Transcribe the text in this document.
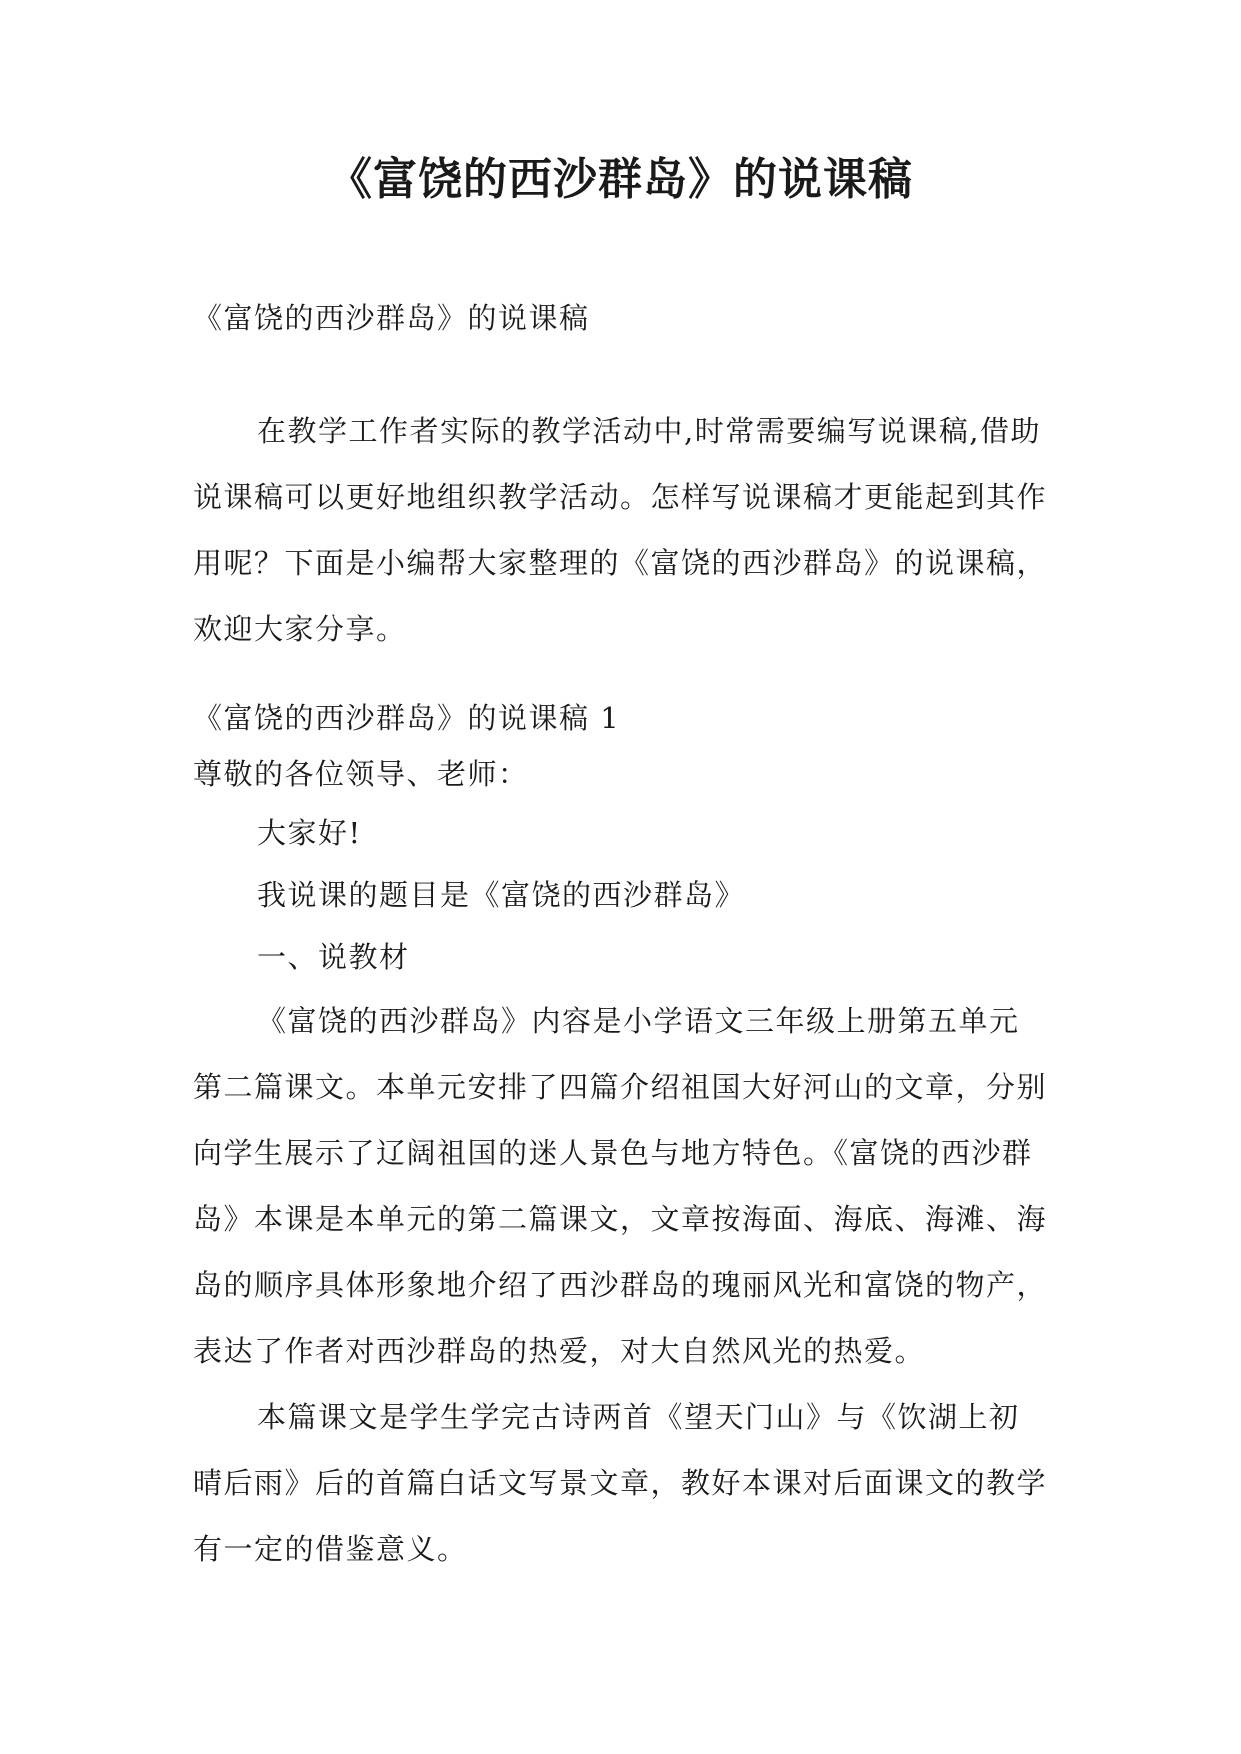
《富饶的西沙群岛》的说课稿

《富饶的西沙群岛》的说课稿

在教学工作者实际的教学活动中,时常需要编写说课稿,借助说课稿可以更好地组织教学活动。怎样写说课稿才更能起到其作用呢？下面是小编帮大家整理的《富饶的西沙群岛》的说课稿，欢迎大家分享。

《富饶的西沙群岛》的说课稿 1

尊敬的各位领导、老师：

大家好!

我说课的题目是《富饶的西沙群岛》

一、说教材

《富饶的西沙群岛》内容是小学语文三年级上册第五单元第二篇课文。本单元安排了四篇介绍祖国大好河山的文章，分别向学生展示了辽阔祖国的迷人景色与地方特色。《富饶的西沙群岛》本课是本单元的第二篇课文，文章按海面、海底、海滩、海岛的顺序具体形象地介绍了西沙群岛的瑰丽风光和富饶的物产，表达了作者对西沙群岛的热爱，对大自然风光的热爱。

本篇课文是学生学完古诗两首《望天门山》与《饮湖上初晴后雨》后的首篇白话文写景文章，教好本课对后面课文的教学有一定的借鉴意义。
